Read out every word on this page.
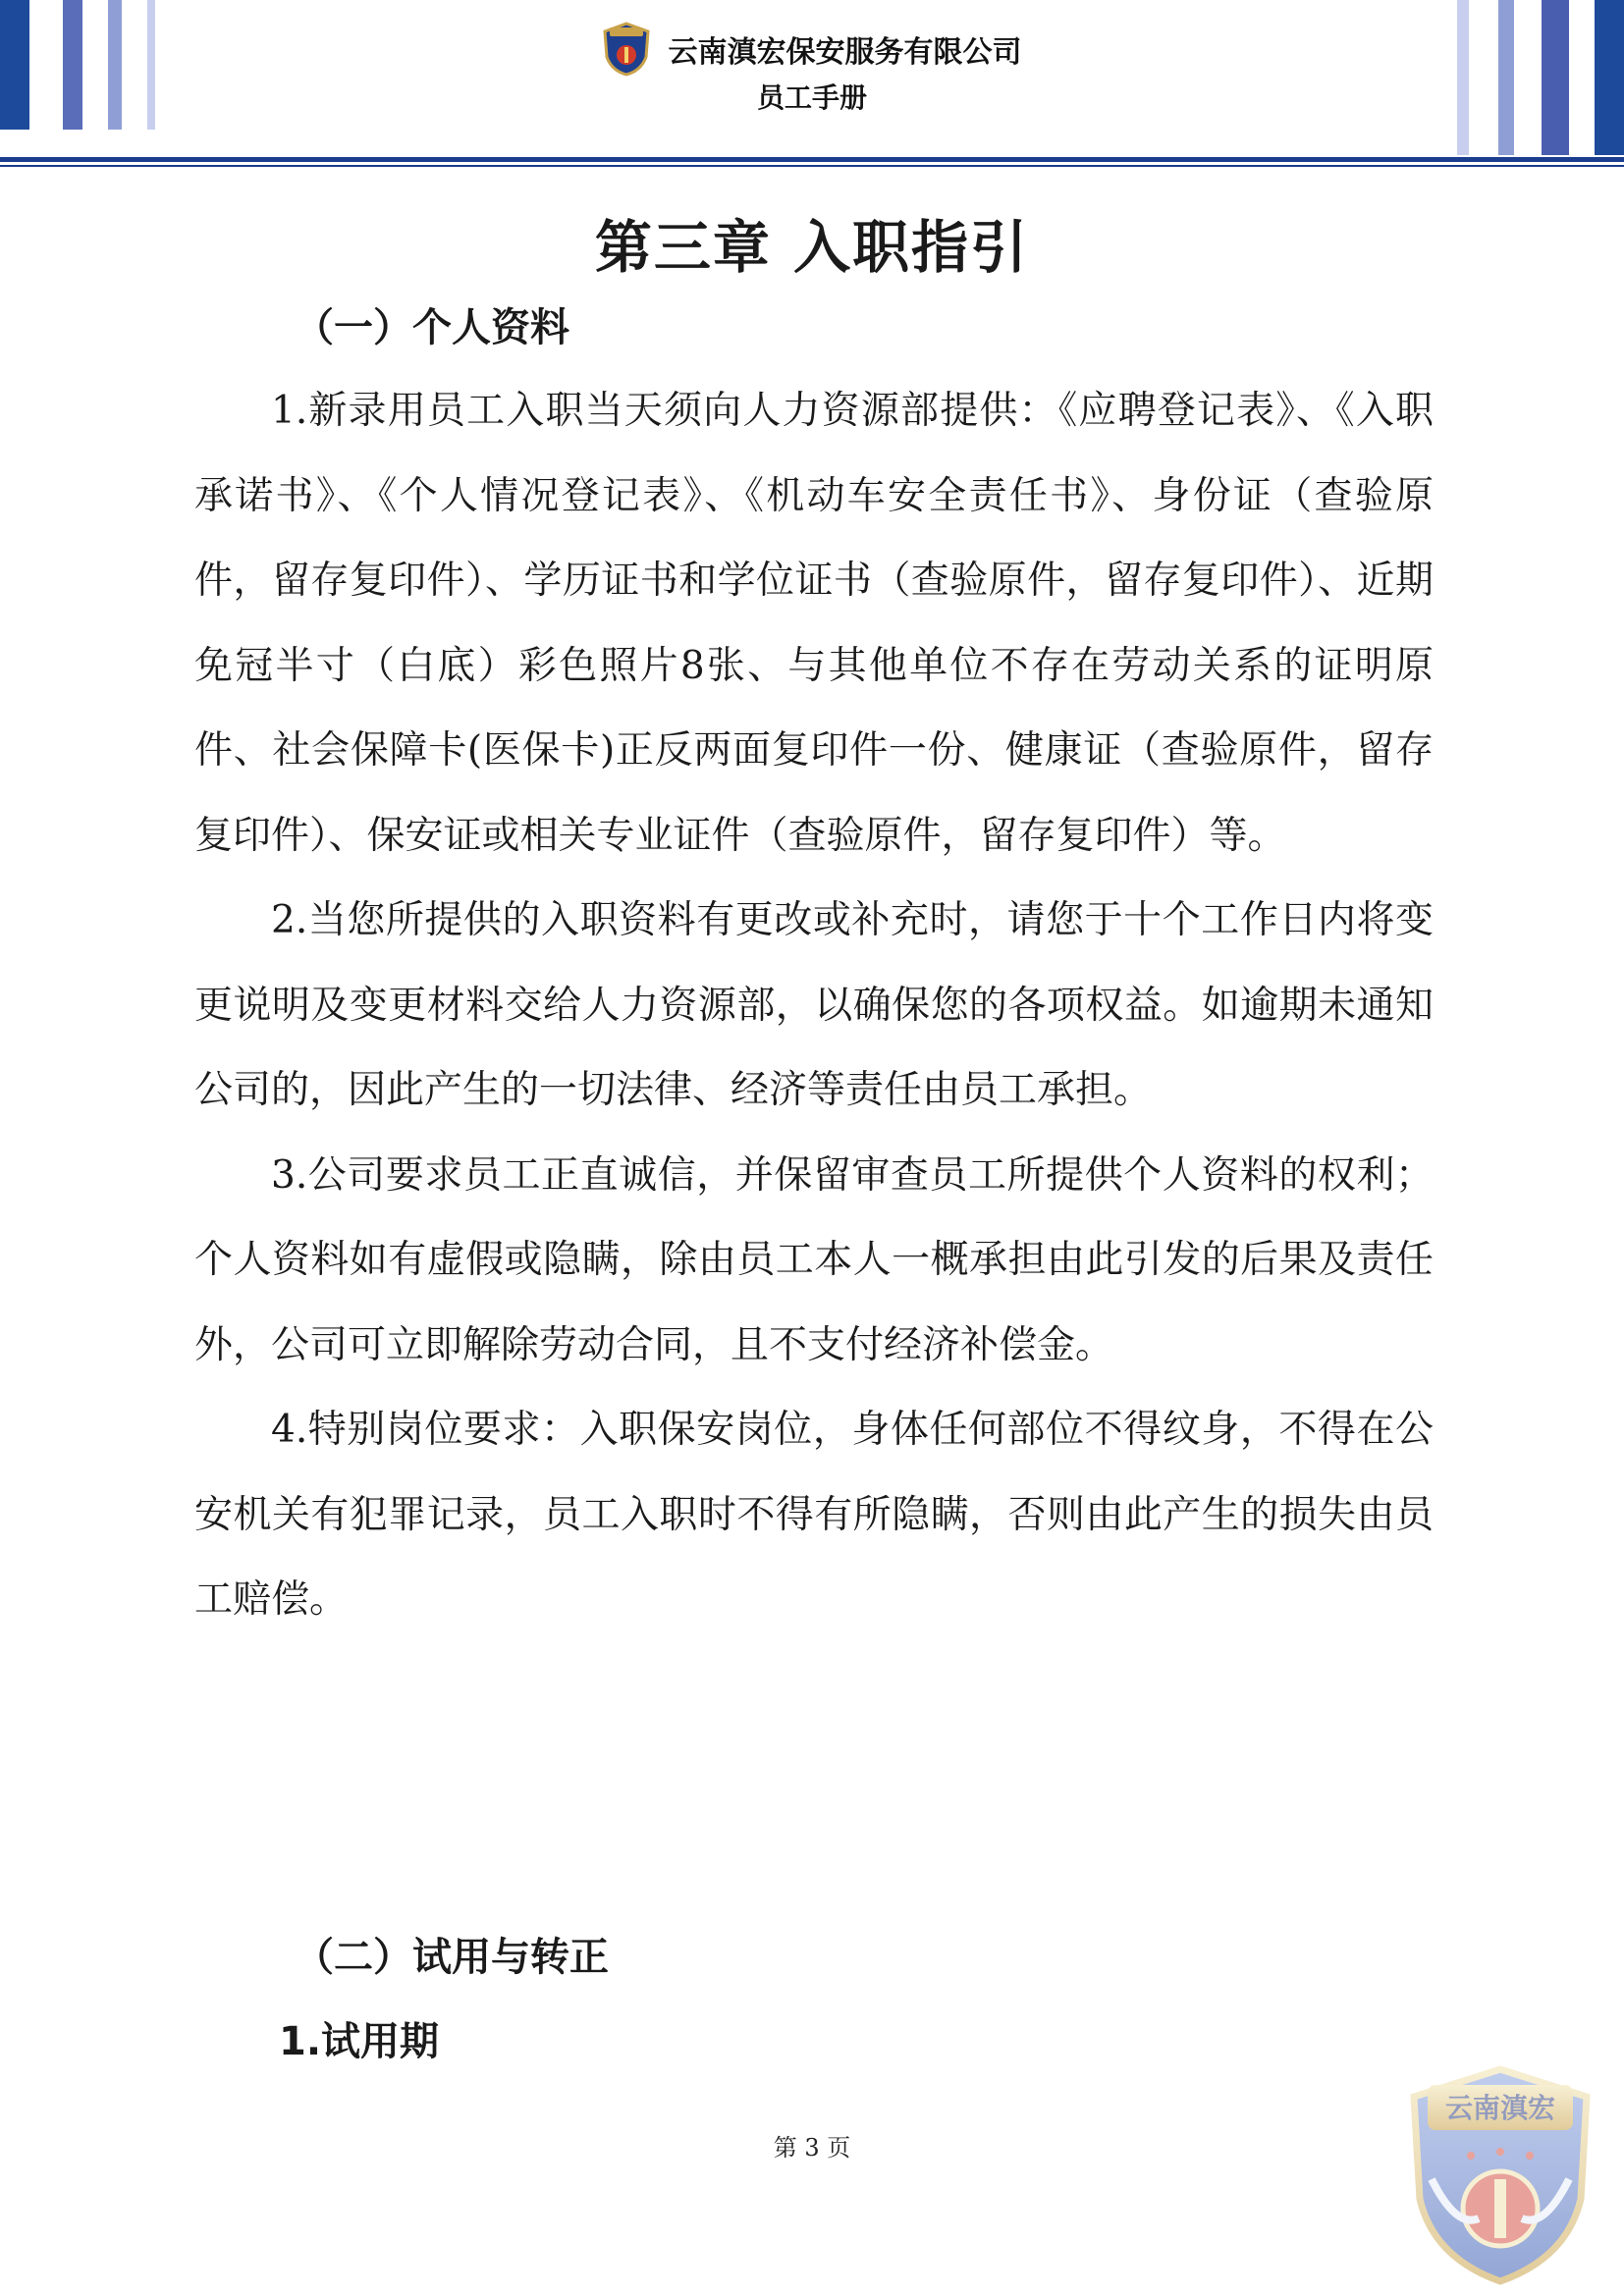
云南滇宏保安服务有限公司
员工手册
第三章 入职指引
（一）个人资料

1.新录用员工入职当天须向人力资源部提供：《应聘登记表》、《入职承诺书》、《个人情况登记表》、《机动车安全责任书》、身份证（查验原件，留存复印件）、学历证书和学位证书（查验原件，留存复印件）、近期免冠半寸（白底）彩色照片8张、与其他单位不存在劳动关系的证明原件、社会保障卡(医保卡)正反两面复印件一份、健康证（查验原件，留存复印件）、保安证或相关专业证件（查验原件，留存复印件）等。

2.当您所提供的入职资料有更改或补充时，请您于十个工作日内将变更说明及变更材料交给人力资源部，以确保您的各项权益。如逾期未通知公司的，因此产生的一切法律、经济等责任由员工承担。

3.公司要求员工正直诚信，并保留审查员工所提供个人资料的权利；个人资料如有虚假或隐瞒，除由员工本人一概承担由此引发的后果及责任外，公司可立即解除劳动合同，且不支付经济补偿金。

4.特别岗位要求：入职保安岗位，身体任何部位不得纹身，不得在公安机关有犯罪记录，员工入职时不得有所隐瞒，否则由此产生的损失由员工赔偿。

（二）试用与转正
1.试用期
第 3 页
云南滇宏
